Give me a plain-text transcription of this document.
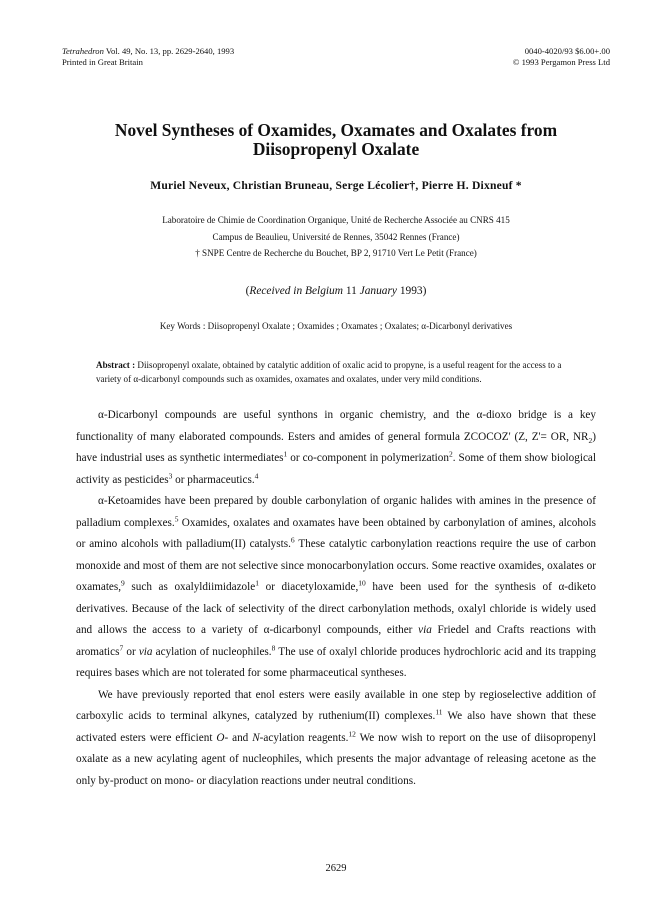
Tetrahedron Vol. 49, No. 13, pp. 2629-2640, 1993
Printed in Great Britain
0040-4020/93 $6.00+.00
© 1993 Pergamon Press Ltd
Novel Syntheses of Oxamides, Oxamates and Oxalates from Diisopropenyl Oxalate
Muriel Neveux, Christian Bruneau, Serge Lécolier†, Pierre H. Dixneuf *
Laboratoire de Chimie de Coordination Organique, Unité de Recherche Associée au CNRS 415
Campus de Beaulieu, Université de Rennes, 35042 Rennes (France)
† SNPE Centre de Recherche du Bouchet, BP 2, 91710 Vert Le Petit (France)
(Received in Belgium 11 January 1993)
Key Words : Diisopropenyl Oxalate ; Oxamides ; Oxamates ; Oxalates; α-Dicarbonyl derivatives
Abstract : Diisopropenyl oxalate, obtained by catalytic addition of oxalic acid to propyne, is a useful reagent for the access to a variety of α-dicarbonyl compounds such as oxamides, oxamates and oxalates, under very mild conditions.

α-Dicarbonyl compounds are useful synthons in organic chemistry, and the α-dioxo bridge is a key functionality of many elaborated compounds. Esters and amides of general formula ZCOCOZ' (Z, Z'= OR, $NR_2$) have industrial uses as synthetic intermediates$^1$ or co-component in polymerization$^2$. Some of them show biological activity as pesticides$^3$ or pharmaceutics.$^4$

α-Ketoamides have been prepared by double carbonylation of organic halides with amines in the presence of palladium complexes.$^5$ Oxamides, oxalates and oxamates have been obtained by carbonylation of amines, alcohols or amino alcohols with palladium(II) catalysts.$^6$ These catalytic carbonylation reactions require the use of carbon monoxide and most of them are not selective since monocarbonylation occurs. Some reactive oxamides, oxalates or oxamates,$^9$ such as oxalyldiimidazole$^1$ or diacetyloxamide,$^{10}$ have been used for the synthesis of α-diketo derivatives. Because of the lack of selectivity of the direct carbonylation methods, oxalyl chloride is widely used and allows the access to a variety of α-dicarbonyl compounds, either via Friedel and Crafts reactions with aromatics$^7$ or via acylation of nucleophiles.$^8$ The use of oxalyl chloride produces hydrochloric acid and its trapping requires bases which are not tolerated for some pharmaceutical syntheses.

We have previously reported that enol esters were easily available in one step by regioselective addition of carboxylic acids to terminal alkynes, catalyzed by ruthenium(II) complexes.$^{11}$ We also have shown that these activated esters were efficient O- and N-acylation reagents.$^{12}$ We now wish to report on the use of diisopropenyl oxalate as a new acylating agent of nucleophiles, which presents the major advantage of releasing acetone as the only by-product on mono- or diacylation reactions under neutral conditions.

2629
